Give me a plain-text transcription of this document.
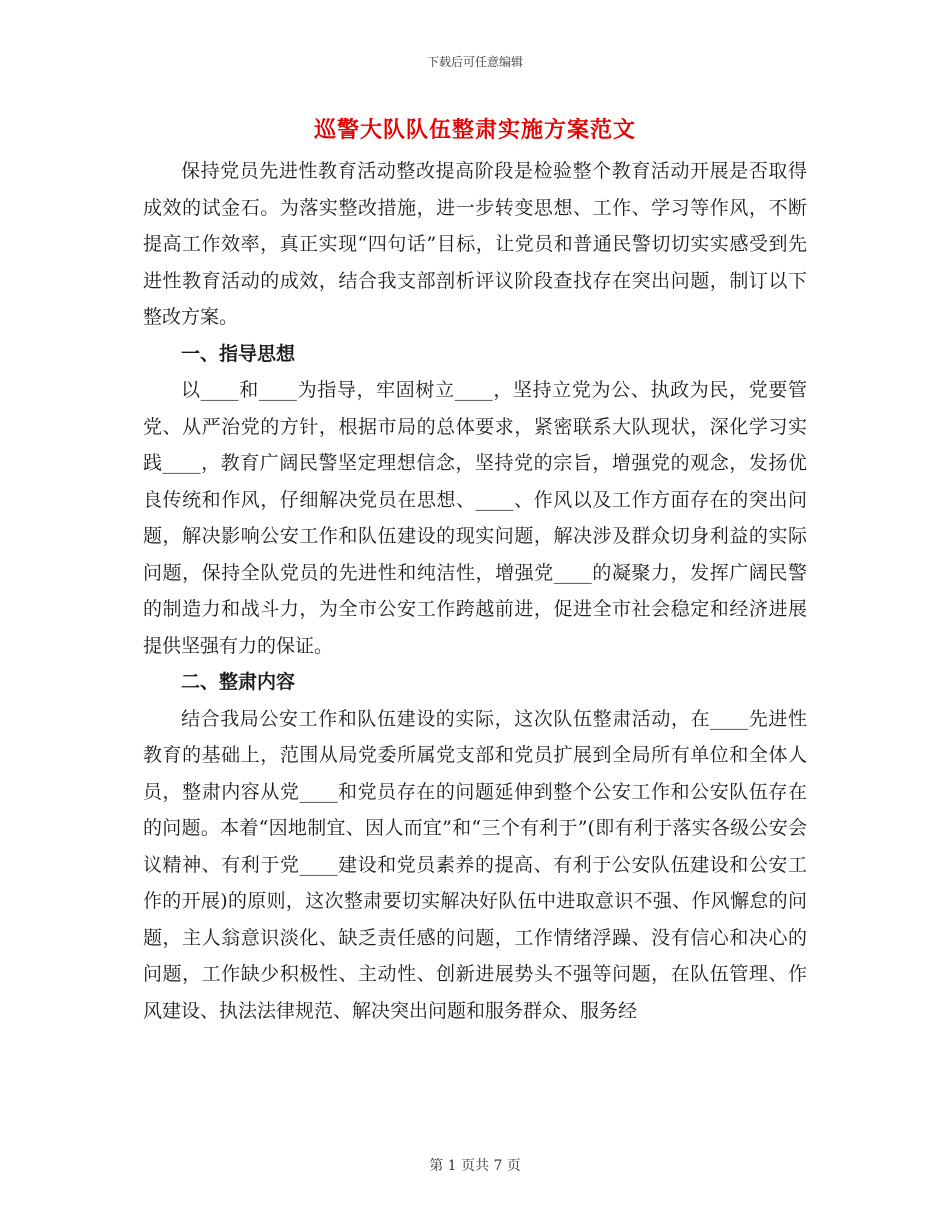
下载后可任意编辑
巡警大队队伍整肃实施方案范文

保持党员先进性教育活动整改提高阶段是检验整个教育活动开展是否取得成效的试金石。为落实整改措施，进一步转变思想、工作、学习等作风，不断提高工作效率，真正实现“四句话”目标，让党员和普通民警切切实实感受到先进性教育活动的成效，结合我支部剖析评议阶段查找存在突出问题，制订以下整改方案。

一、指导思想

以____和____为指导，牢固树立____，坚持立党为公、执政为民，党要管党、从严治党的方针，根据市局的总体要求，紧密联系大队现状，深化学习实践____，教育广阔民警坚定理想信念，坚持党的宗旨，增强党的观念，发扬优良传统和作风，仔细解决党员在思想、____、作风以及工作方面存在的突出问题，解决影响公安工作和队伍建设的现实问题，解决涉及群众切身利益的实际问题，保持全队党员的先进性和纯洁性，增强党____的凝聚力，发挥广阔民警的制造力和战斗力，为全市公安工作跨越前进，促进全市社会稳定和经济进展提供坚强有力的保证。

二、整肃内容

结合我局公安工作和队伍建设的实际，这次队伍整肃活动，在____先进性教育的基础上，范围从局党委所属党支部和党员扩展到全局所有单位和全体人员，整肃内容从党____和党员存在的问题延伸到整个公安工作和公安队伍存在的问题。本着“因地制宜、因人而宜”和“三个有利于”(即有利于落实各级公安会议精神、有利于党____建设和党员素养的提高、有利于公安队伍建设和公安工作的开展)的原则，这次整肃要切实解决好队伍中进取意识不强、作风懈怠的问题，主人翁意识淡化、缺乏责任感的问题，工作情绪浮躁、没有信心和决心的问题，工作缺少积极性、主动性、创新进展势头不强等问题，在队伍管理、作风建设、执法法律规范、解决突出问题和服务群众、服务经

第 1 页共 7 页
